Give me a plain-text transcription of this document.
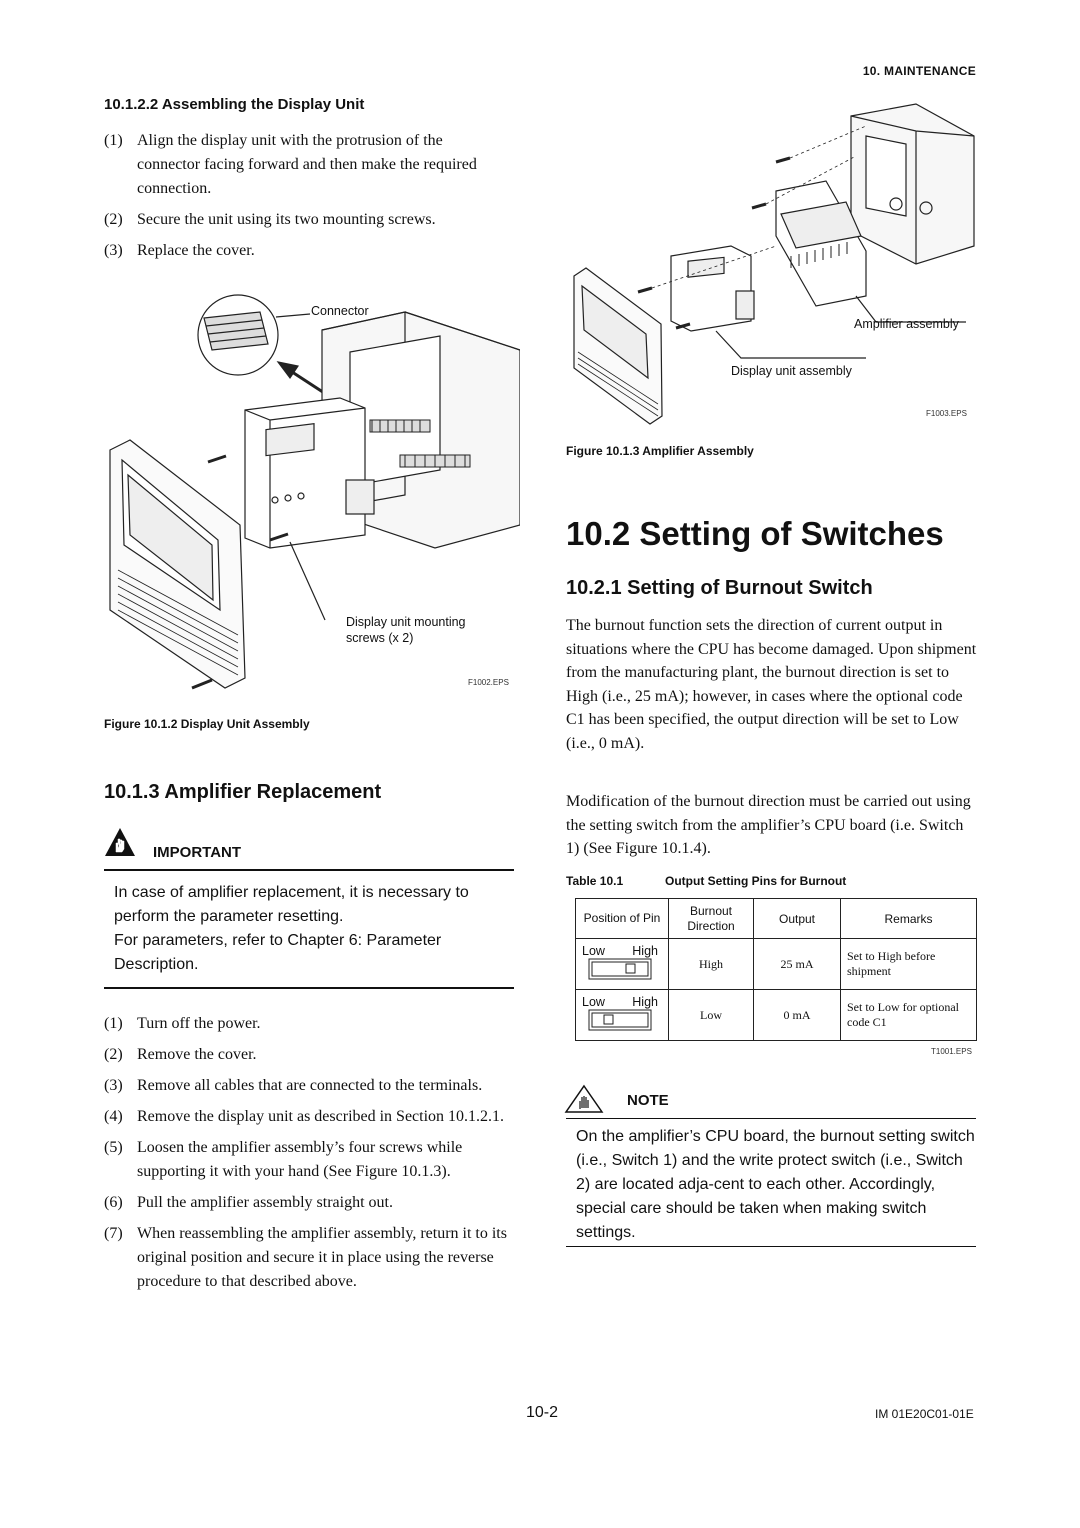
10. MAINTENANCE
10.1.2.2 Assembling the Display Unit
(1) Align the display unit with the protrusion of the connector facing forward and then make the required connection.
(2) Secure the unit using its two mounting screws.
(3) Replace the cover.
Connector
Display unit mounting screws (x 2)
F1002.EPS
Figure 10.1.2 Display Unit Assembly
10.1.3 Amplifier Replacement
IMPORTANT
In case of amplifier replacement, it is necessary to perform the parameter resetting.
For parameters, refer to Chapter 6: Parameter Description.
(1) Turn off the power.
(2) Remove the cover.
(3) Remove all cables that are connected to the terminals.
(4) Remove the display unit as described in Section 10.1.2.1.
(5) Loosen the amplifier assembly’s four screws while supporting it with your hand (See Figure 10.1.3).
(6) Pull the amplifier assembly straight out.
(7) When reassembling the amplifier assembly, return it to its original position and secure it in place using the reverse procedure to that described above.
Amplifier assembly
Display unit assembly
F1003.EPS
Figure 10.1.3 Amplifier Assembly
10.2 Setting of Switches
10.2.1 Setting of Burnout Switch
The burnout function sets the direction of current output in situations where the CPU has become damaged. Upon shipment from the manufacturing plant, the burnout direction is set to High (i.e., 25 mA); however, in cases where the optional code C1 has been specified, the output direction will be set to Low (i.e., 0 mA).
Modification of the burnout direction must be carried out using the setting switch from the amplifier’s CPU board (i.e. Switch 1) (See Figure 10.1.4).
Table 10.1	Output Setting Pins for Burnout
Position of Pin	Burnout Direction	Output	Remarks

Low High	High	25 mA	Set to High before shipment

Low High	Low	0 mA	Set to Low for optional code C1
T1001.EPS
NOTE
On the amplifier’s CPU board, the burnout setting switch (i.e., Switch 1) and the write protect switch (i.e., Switch 2) are located adja-cent to each other. Accordingly, special care should be taken when making switch settings.
10-2	IM 01E20C01-01E
